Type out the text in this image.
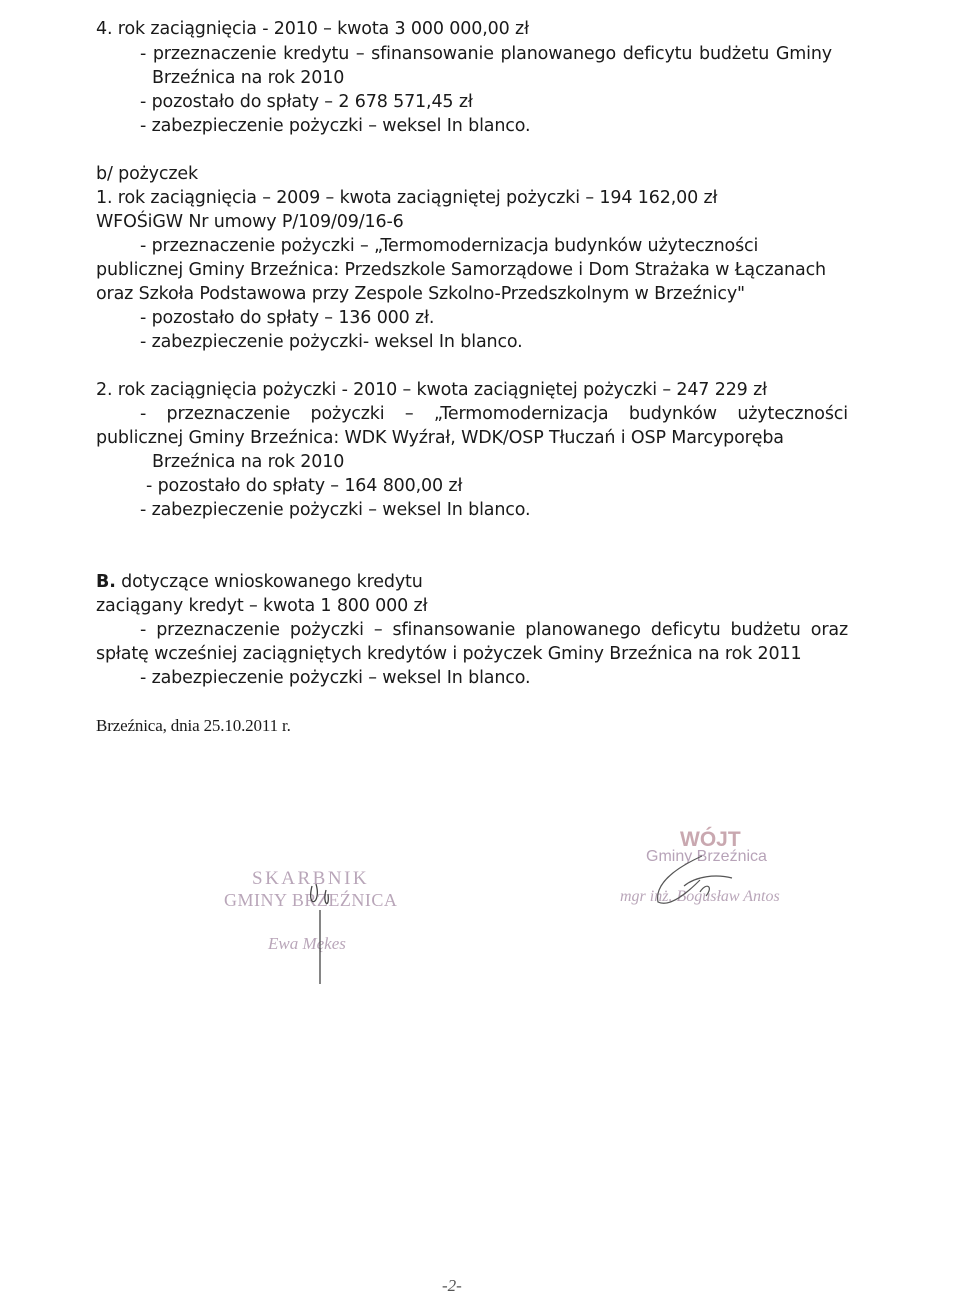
4. rok zaciągnięcia - 2010 – kwota 3 000 000,00 zł
- przeznaczenie kredytu – sfinansowanie planowanego deficytu budżetu Gminy
Brzeźnica na rok 2010
- pozostało do spłaty – 2 678 571,45 zł
- zabezpieczenie pożyczki – weksel In blanco.
b/ pożyczek
1. rok zaciągnięcia – 2009 – kwota zaciągniętej pożyczki – 194 162,00 zł
WFOŚiGW Nr umowy P/109/09/16-6
- przeznaczenie pożyczki – „Termomodernizacja budynków użyteczności
publicznej Gminy Brzeźnica: Przedszkole Samorządowe i Dom Strażaka w Łączanach
oraz Szkoła Podstawowa przy Zespole Szkolno-Przedszkolnym w Brzeźnicy"
- pozostało do spłaty – 136 000 zł.
- zabezpieczenie pożyczki- weksel In blanco.
2. rok zaciągnięcia pożyczki - 2010 – kwota zaciągniętej pożyczki – 247 229 zł
- przeznaczenie pożyczki – „Termomodernizacja budynków użyteczności
publicznej Gminy Brzeźnica: WDK Wyźrał, WDK/OSP Tłuczań i OSP Marcyporęba
Brzeźnica na rok 2010
- pozostało do spłaty – 164 800,00 zł
- zabezpieczenie pożyczki – weksel In blanco.
B. dotyczące wnioskowanego kredytu
zaciągany kredyt – kwota 1 800 000 zł
- przeznaczenie pożyczki – sfinansowanie planowanego deficytu budżetu oraz
spłatę wcześniej zaciągniętych kredytów i pożyczek Gminy Brzeźnica na rok 2011
- zabezpieczenie pożyczki – weksel In blanco.
Brzeźnica, dnia 25.10.2011 r.
SKARBNIK
GMINY BRZEŹNICA
Ewa Mękes
WÓJT
Gminy Brzeźnica
mgr inż. Bogusław Antos
-2-
